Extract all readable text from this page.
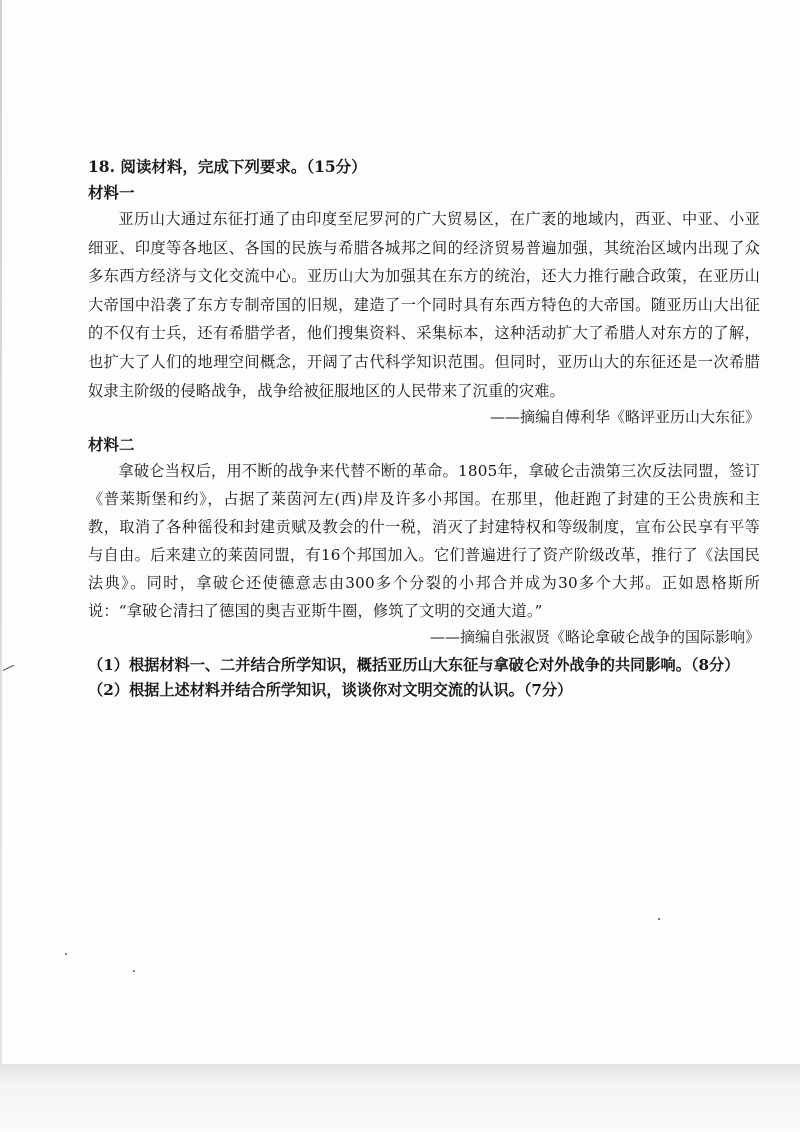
18. 阅读材料，完成下列要求。（15分）

材料一

亚历山大通过东征打通了由印度至尼罗河的广大贸易区，在广袤的地域内，西亚、中亚、小亚细亚、印度等各地区、各国的民族与希腊各城邦之间的经济贸易普遍加强，其统治区域内出现了众多东西方经济与文化交流中心。亚历山大为加强其在东方的统治，还大力推行融合政策，在亚历山大帝国中沿袭了东方专制帝国的旧规，建造了一个同时具有东西方特色的大帝国。随亚历山大出征的不仅有士兵，还有希腊学者，他们搜集资料、采集标本，这种活动扩大了希腊人对东方的了解，也扩大了人们的地理空间概念，开阔了古代科学知识范围。但同时，亚历山大的东征还是一次希腊奴隶主阶级的侵略战争，战争给被征服地区的人民带来了沉重的灾难。

——摘编自傅利华《略评亚历山大东征》

材料二

拿破仑当权后，用不断的战争来代替不断的革命。1805年，拿破仑击溃第三次反法同盟，签订《普莱斯堡和约》，占据了莱茵河左(西)岸及许多小邦国。在那里，他赶跑了封建的王公贵族和主教，取消了各种徭役和封建贡赋及教会的什一税，消灭了封建特权和等级制度，宣布公民享有平等与自由。后来建立的莱茵同盟，有16个邦国加入。它们普遍进行了资产阶级改革，推行了《法国民法典》。同时，拿破仑还使德意志由300多个分裂的小邦合并成为30多个大邦。正如恩格斯所说：“拿破仑清扫了德国的奥吉亚斯牛圈，修筑了文明的交通大道。”

——摘编自张淑贤《略论拿破仑战争的国际影响》

（1）根据材料一、二并结合所学知识，概括亚历山大东征与拿破仑对外战争的共同影响。（8分）

（2）根据上述材料并结合所学知识，谈谈你对文明交流的认识。（7分）
